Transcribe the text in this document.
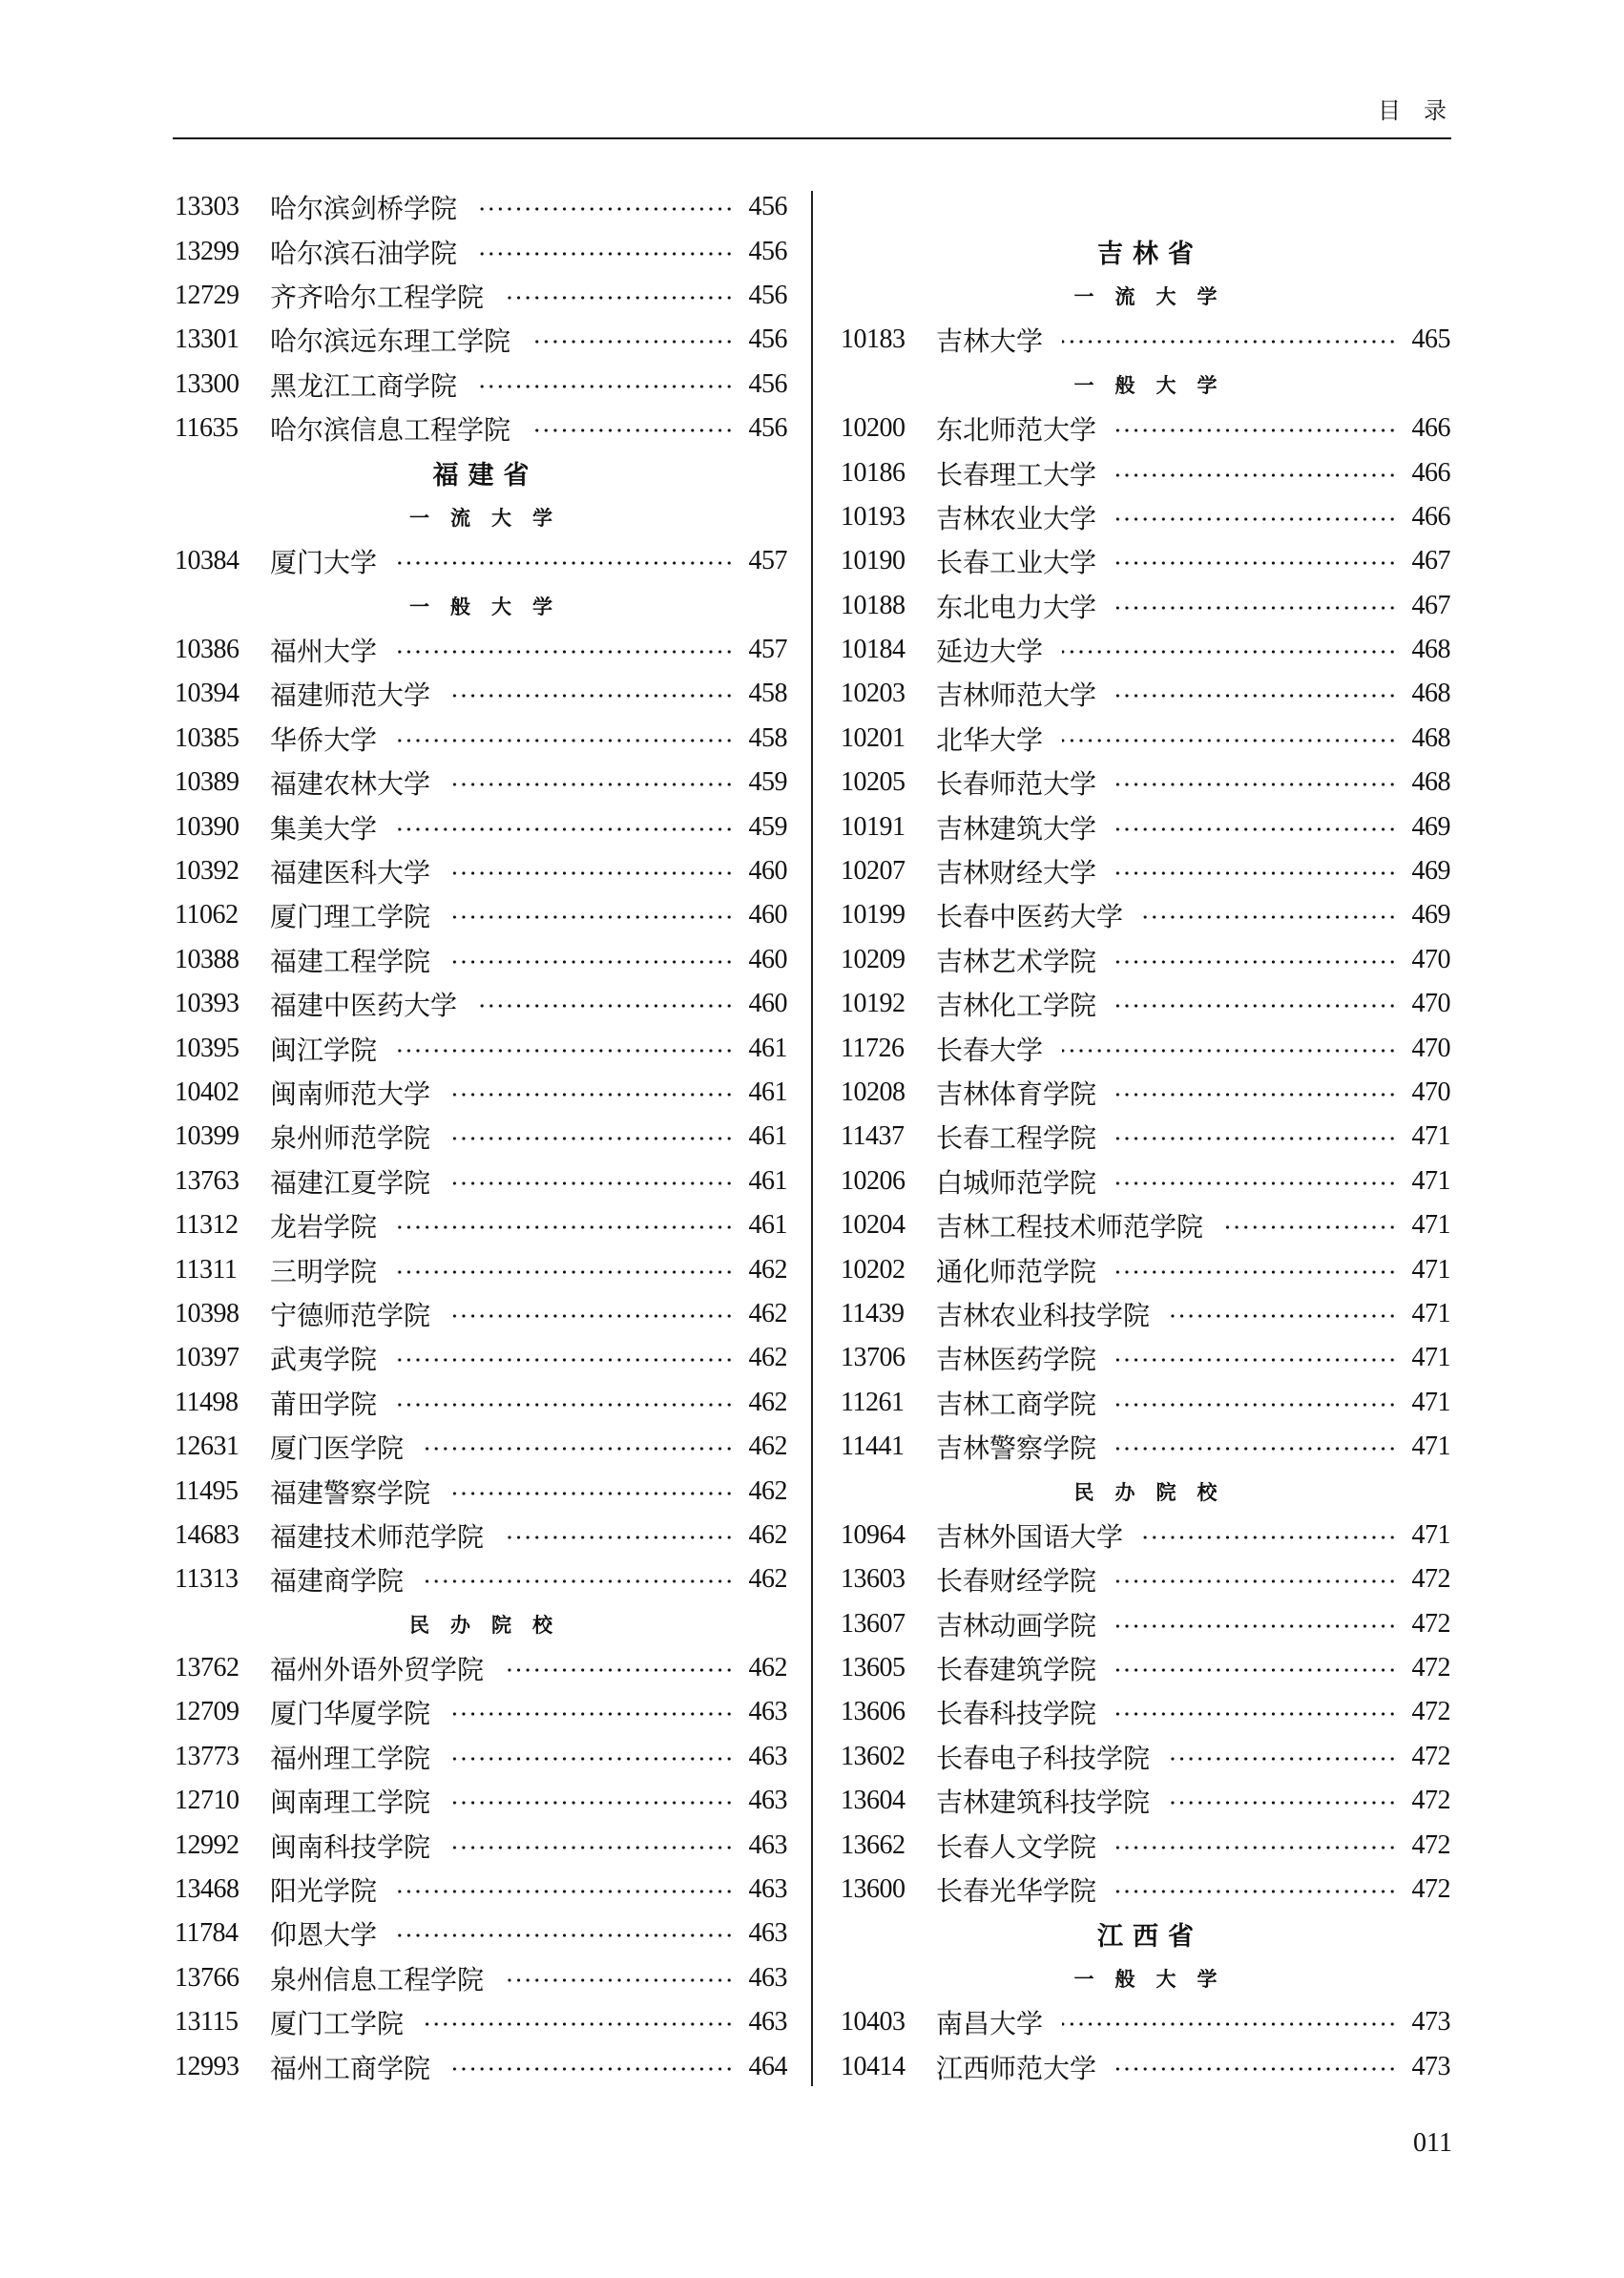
目录
13303	哈尔滨剑桥学院	456
13299	哈尔滨石油学院	456
12729	齐齐哈尔工程学院	456
13301	哈尔滨远东理工学院	456
13300	黑龙江工商学院	456
11635	哈尔滨信息工程学院	456
福建省
一流大学
10384	厦门大学	457
一般大学
10386	福州大学	457
10394	福建师范大学	458
10385	华侨大学	458
10389	福建农林大学	459
10390	集美大学	459
10392	福建医科大学	460
11062	厦门理工学院	460
10388	福建工程学院	460
10393	福建中医药大学	460
10395	闽江学院	461
10402	闽南师范大学	461
10399	泉州师范学院	461
13763	福建江夏学院	461
11312	龙岩学院	461
11311	三明学院	462
10398	宁德师范学院	462
10397	武夷学院	462
11498	莆田学院	462
12631	厦门医学院	462
11495	福建警察学院	462
14683	福建技术师范学院	462
11313	福建商学院	462
民办院校
13762	福州外语外贸学院	462
12709	厦门华厦学院	463
13773	福州理工学院	463
12710	闽南理工学院	463
12992	闽南科技学院	463
13468	阳光学院	463
11784	仰恩大学	463
13766	泉州信息工程学院	463
13115	厦门工学院	463
12993	福州工商学院	464
吉林省
一流大学
10183	吉林大学	465
一般大学
10200	东北师范大学	466
10186	长春理工大学	466
10193	吉林农业大学	466
10190	长春工业大学	467
10188	东北电力大学	467
10184	延边大学	468
10203	吉林师范大学	468
10201	北华大学	468
10205	长春师范大学	468
10191	吉林建筑大学	469
10207	吉林财经大学	469
10199	长春中医药大学	469
10209	吉林艺术学院	470
10192	吉林化工学院	470
11726	长春大学	470
10208	吉林体育学院	470
11437	长春工程学院	471
10206	白城师范学院	471
10204	吉林工程技术师范学院	471
10202	通化师范学院	471
11439	吉林农业科技学院	471
13706	吉林医药学院	471
11261	吉林工商学院	471
11441	吉林警察学院	471
民办院校
10964	吉林外国语大学	471
13603	长春财经学院	472
13607	吉林动画学院	472
13605	长春建筑学院	472
13606	长春科技学院	472
13602	长春电子科技学院	472
13604	吉林建筑科技学院	472
13662	长春人文学院	472
13600	长春光华学院	472
江西省
一般大学
10403	南昌大学	473
10414	江西师范大学	473
011
